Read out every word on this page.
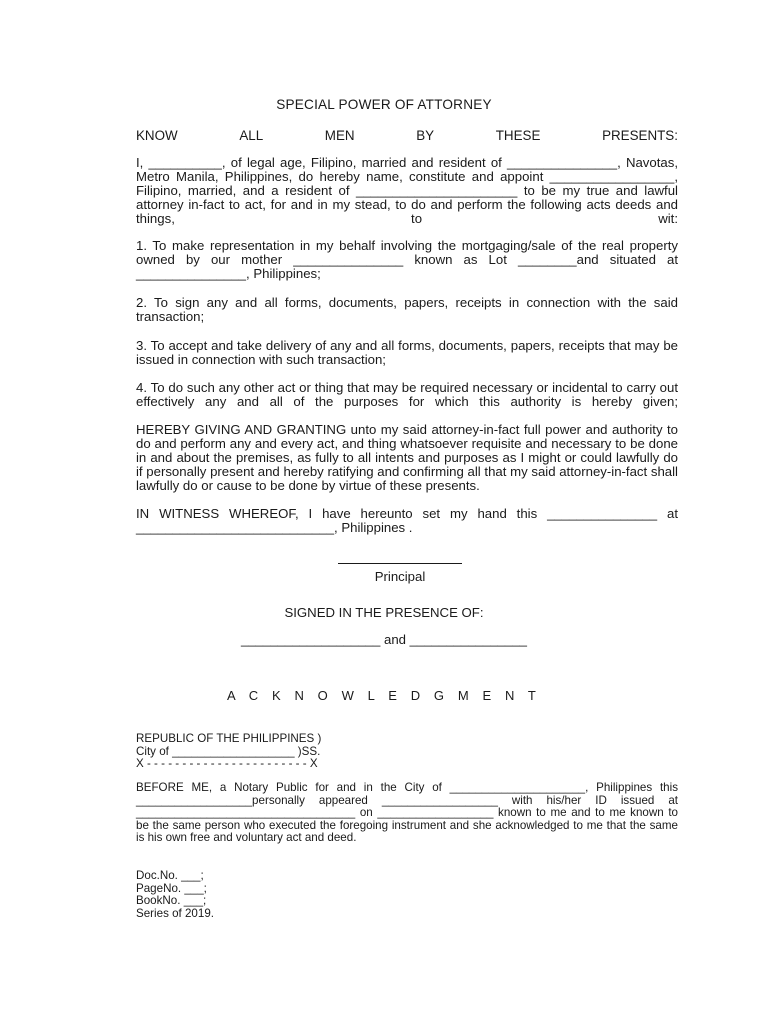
SPECIAL POWER OF ATTORNEY
KNOW	ALL	MEN	BY	THESE	PRESENTS:

I, __________, of legal age, Filipino, married and resident of _______________, Navotas, Metro Manila, Philippines, do hereby name, constitute and appoint _________________, Filipino, married, and a resident of ______________________ to be my true and lawful attorney in-fact to act, for and in my stead, to do and perform the following acts deeds and things, to wit:

1. To make representation in my behalf involving the mortgaging/sale of the real property owned by our mother _______________ known as Lot ________and situated at _______________, Philippines;

2. To sign any and all forms, documents, papers, receipts in connection with the said transaction;

3. To accept and take delivery of any and all forms, documents, papers, receipts that may be issued in connection with such transaction;

4. To do such any other act or thing that may be required necessary or incidental to carry out effectively any and all of the purposes for which this authority is hereby given;

HEREBY GIVING AND GRANTING unto my said attorney-in-fact full power and authority to do and perform any and every act, and thing whatsoever requisite and necessary to be done in and about the premises, as fully to all intents and purposes as I might or could lawfully do if personally present and hereby ratifying and confirming all that my said attorney-in-fact shall lawfully do or cause to be done by virtue of these presents.

IN WITNESS WHEREOF, I have hereunto set my hand this _______________ at ___________________________, Philippines .

Principal
SIGNED IN THE PRESENCE OF:
___________________ and ________________
A C K N O W L E D G M E N T

REPUBLIC OF THE PHILIPPINES )

City of ___________________ )SS.

X - - - - - - - - - - - - - - - - - - - - - - - X

BEFORE ME, a Notary Public for and in the City of _____________________, Philippines this __________________personally appeared __________________ with his/her ID issued at __________________________________ on __________________ known to me and to me known to be the same person who executed the foregoing instrument and she acknowledged to me that the same is his own free and voluntary act and deed.

Doc.No. ___;

PageNo. ___;

BookNo. ___;

Series of 2019.
